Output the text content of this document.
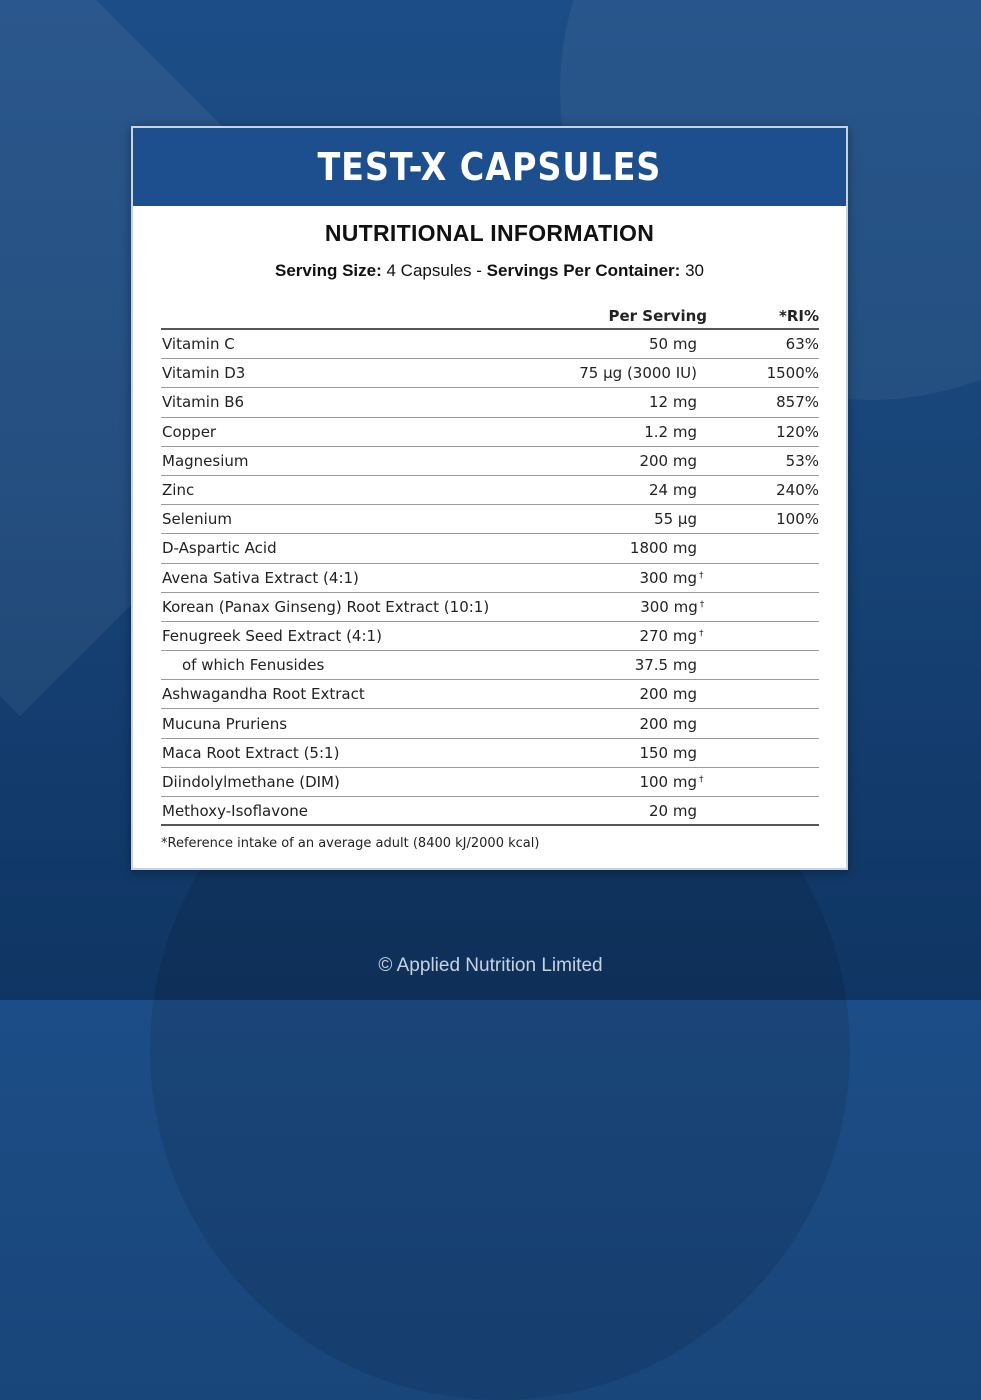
TEST-X CAPSULES
NUTRITIONAL INFORMATION
Serving Size: 4 Capsules - Servings Per Container: 30
Per Serving	*RI%
Vitamin C	50 mg	63%
Vitamin D3	75 µg (3000 IU)	1500%
Vitamin B6	12 mg	857%
Copper	1.2 mg	120%
Magnesium	200 mg	53%
Zinc	24 mg	240%
Selenium	55 µg	100%
D-Aspartic Acid	1800 mg
Avena Sativa Extract (4:1)	300 mg †
Korean (Panax Ginseng) Root Extract (10:1)	300 mg †
Fenugreek Seed Extract (4:1)	270 mg †
of which Fenusides	37.5 mg
Ashwagandha Root Extract	200 mg
Mucuna Pruriens	200 mg
Maca Root Extract (5:1)	150 mg
Diindolylmethane (DIM)	100 mg †
Methoxy-Isoflavone	20 mg
*Reference intake of an average adult (8400 kJ/2000 kcal)
© Applied Nutrition Limited
